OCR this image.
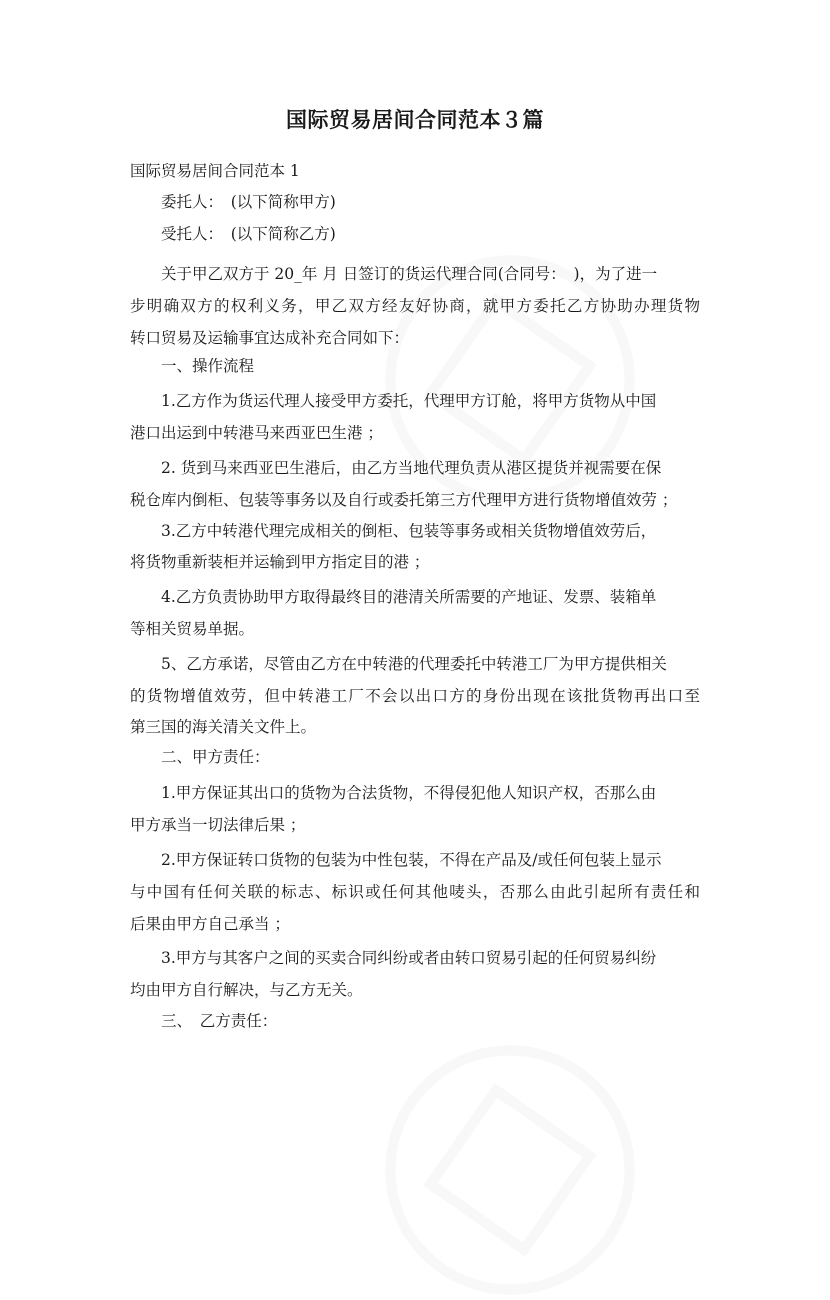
国际贸易居间合同范本３篇
国际贸易居间合同范本 1
委托人：　(以下简称甲方)
受托人：　(以下简称乙方)
关于甲乙双方于 20_年 月 日签订的货运代理合同(合同号：　)，为了进一
步明确双方的权利义务，甲乙双方经友好协商，就甲方委托乙方协助办理货物
转口贸易及运输事宜达成补充合同如下：
一、操作流程
1.乙方作为货运代理人接受甲方委托，代理甲方订舱，将甲方货物从中国
港口出运到中转港马来西亚巴生港 ；
2. 货到马来西亚巴生港后，由乙方当地代理负责从港区提货并视需要在保
税仓库内倒柜、包装等事务以及自行或委托第三方代理甲方进行货物增值效劳 ；
3.乙方中转港代理完成相关的倒柜、包装等事务或相关货物增值效劳后，
将货物重新装柜并运输到甲方指定目的港 ；
4.乙方负责协助甲方取得最终目的港清关所需要的产地证、发票、装箱单
等相关贸易单据。
5、乙方承诺，尽管由乙方在中转港的代理委托中转港工厂为甲方提供相关
的货物增值效劳，但中转港工厂不会以出口方的身份出现在该批货物再出口至
第三国的海关清关文件上。
二、甲方责任：
1.甲方保证其出口的货物为合法货物，不得侵犯他人知识产权，否那么由
甲方承当一切法律后果 ；
2.甲方保证转口货物的包装为中性包装，不得在产品及/或任何包装上显示
与中国有任何关联的标志、标识或任何其他唛头，否那么由此引起所有责任和
后果由甲方自己承当 ；
3.甲方与其客户之间的买卖合同纠纷或者由转口贸易引起的任何贸易纠纷
均由甲方自行解决，与乙方无关。
三、　乙方责任：
